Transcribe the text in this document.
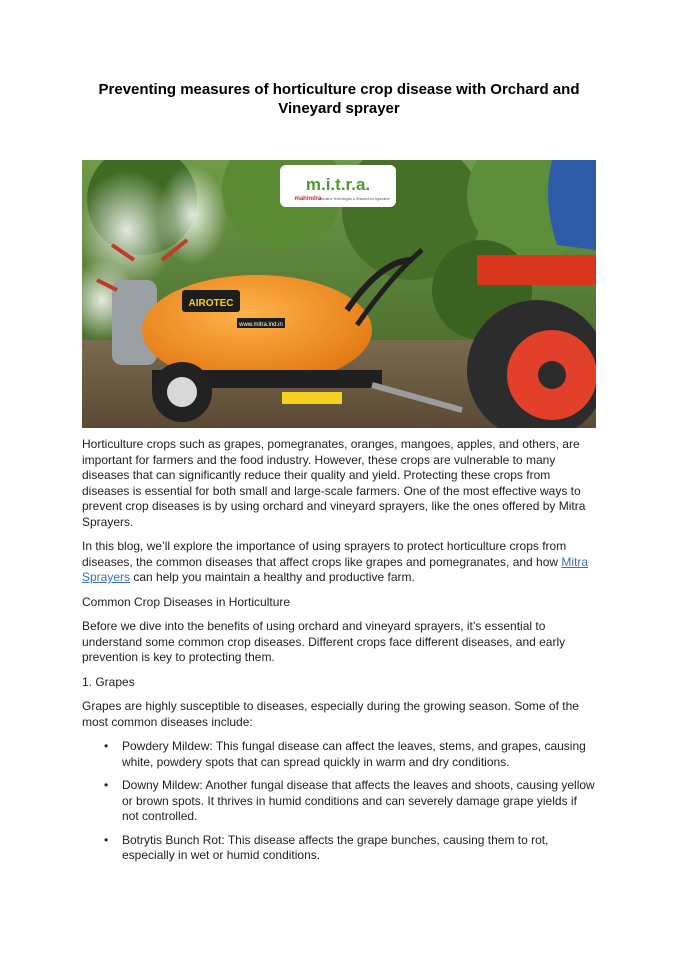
Preventing measures of horticulture crop disease with Orchard and Vineyard sprayer
AIROTEC
www.mitra.ind.in
m.i.t.r.a.
mahindra
Innovative Technologies & Research for Agriculture

Horticulture crops such as grapes, pomegranates, oranges, mangoes, apples, and others, are important for farmers and the food industry. However, these crops are vulnerable to many diseases that can significantly reduce their quality and yield. Protecting these crops from diseases is essential for both small and large-scale farmers. One of the most effective ways to prevent crop diseases is by using orchard and vineyard sprayers, like the ones offered by Mitra Sprayers.

In this blog, we’ll explore the importance of using sprayers to protect horticulture crops from diseases, the common diseases that affect crops like grapes and pomegranates, and how Mitra Sprayers can help you maintain a healthy and productive farm.

Common Crop Diseases in Horticulture

Before we dive into the benefits of using orchard and vineyard sprayers, it’s essential to understand some common crop diseases. Different crops face different diseases, and early prevention is key to protecting them.

1. Grapes

Grapes are highly susceptible to diseases, especially during the growing season. Some of the most common diseases include:

• Powdery Mildew: This fungal disease can affect the leaves, stems, and grapes, causing white, powdery spots that can spread quickly in warm and dry conditions.
• Downy Mildew: Another fungal disease that affects the leaves and shoots, causing yellow or brown spots. It thrives in humid conditions and can severely damage grape yields if not controlled.
• Botrytis Bunch Rot: This disease affects the grape bunches, causing them to rot, especially in wet or humid conditions.
